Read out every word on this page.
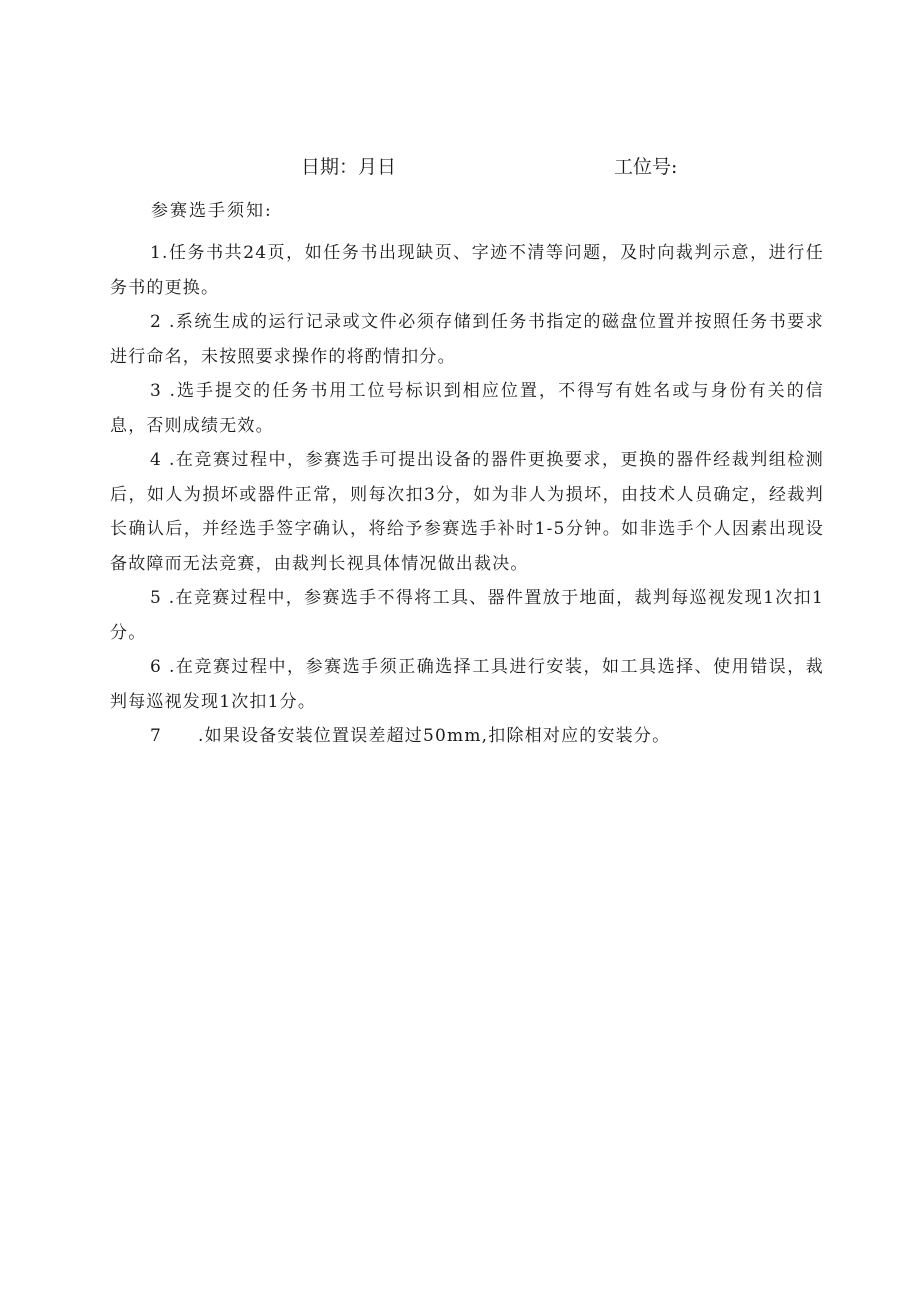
日期：月日	工位号:
参赛选手须知:

1.任务书共24页，如任务书出现缺页、字迹不清等问题，及时向裁判示意，进行任务书的更换。

2 .系统生成的运行记录或文件必须存储到任务书指定的磁盘位置并按照任务书要求进行命名，未按照要求操作的将酌情扣分。

3 .选手提交的任务书用工位号标识到相应位置，不得写有姓名或与身份有关的信息，否则成绩无效。

4 .在竞赛过程中，参赛选手可提出设备的器件更换要求，更换的器件经裁判组检测后，如人为损坏或器件正常，则每次扣3分，如为非人为损坏，由技术人员确定，经裁判长确认后，并经选手签字确认，将给予参赛选手补时1-5分钟。如非选手个人因素出现设备故障而无法竞赛，由裁判长视具体情况做出裁决。

5 .在竞赛过程中，参赛选手不得将工具、器件置放于地面，裁判每巡视发现1次扣1分。

6 .在竞赛过程中，参赛选手须正确选择工具进行安装，如工具选择、使用错误，裁判每巡视发现1次扣1分。

7 .如果设备安装位置误差超过50mm,扣除相对应的安装分。
